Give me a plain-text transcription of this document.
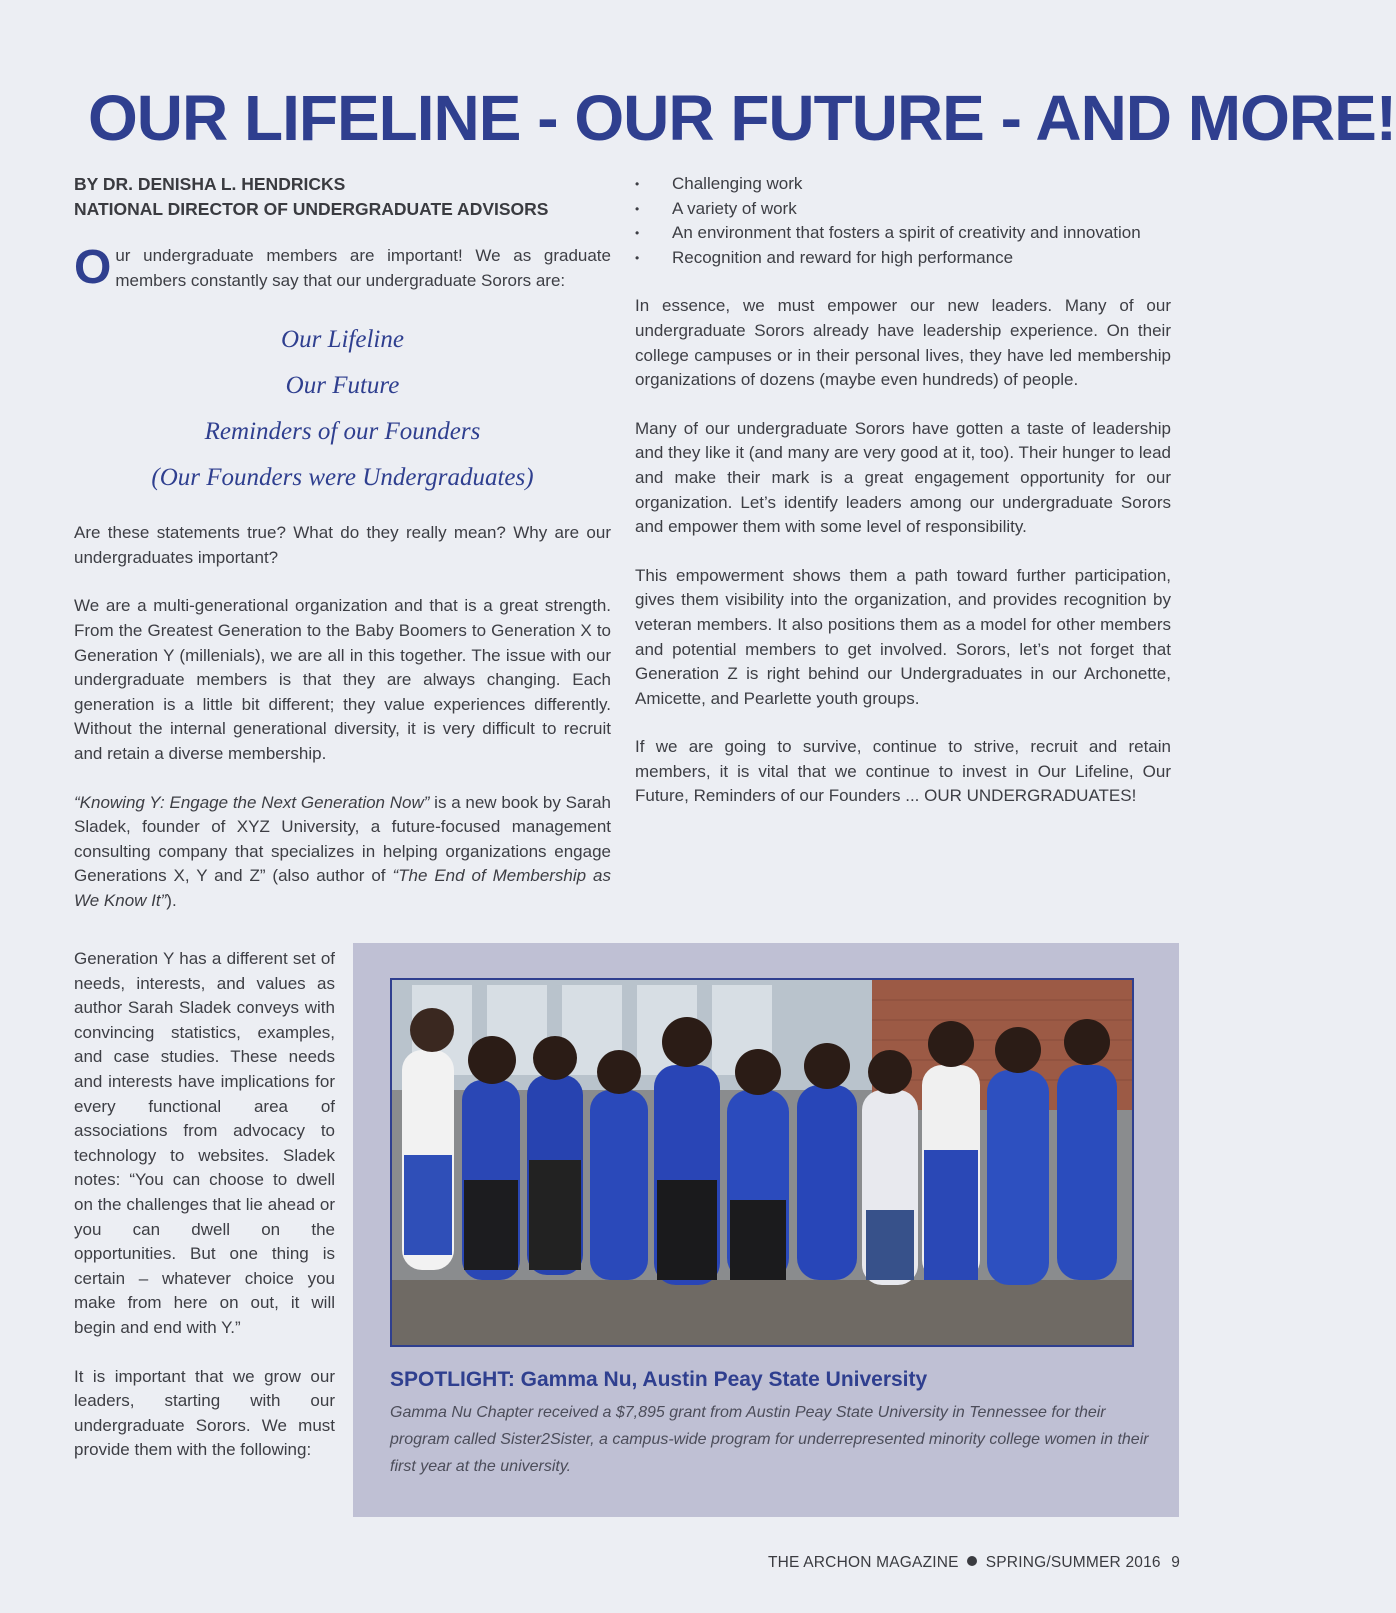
OUR LIFELINE - OUR FUTURE - AND MORE!
BY DR. DENISHA L. HENDRICKS
NATIONAL DIRECTOR OF UNDERGRADUATE ADVISORS

Our undergraduate members are important! We as graduate members constantly say that our undergraduate Sorors are:

Our Lifeline
Our Future
Reminders of our Founders
(Our Founders were Undergraduates)

Are these statements true? What do they really mean? Why are our undergraduates important?

We are a multi-generational organization and that is a great strength. From the Greatest Generation to the Baby Boomers to Generation X to Generation Y (millenials), we are all in this together. The issue with our undergraduate members is that they are always changing. Each generation is a little bit different; they value experiences differently. Without the internal generational diversity, it is very difficult to recruit and retain a diverse membership.

“Knowing Y: Engage the Next Generation Now” is a new book by Sarah Sladek, founder of XYZ University, a future-focused management consulting company that specializes in helping organizations engage Generations X, Y and Z” (also author of “The End of Membership as We Know It”).

Generation Y has a different set of needs, interests, and values as author Sarah Sladek conveys with convincing statistics, examples, and case studies. These needs and interests have implications for every functional area of associations from advocacy to technology to websites. Sladek notes: “You can choose to dwell on the challenges that lie ahead or you can dwell on the opportunities. But one thing is certain – whatever choice you make from here on out, it will begin and end with Y.”

It is important that we grow our leaders, starting with our undergraduate Sorors. We must provide them with the following:

• Challenging work
• A variety of work
• An environment that fosters a spirit of creativity and innovation
• Recognition and reward for high performance

In essence, we must empower our new leaders. Many of our undergraduate Sorors already have leadership experience. On their college campuses or in their personal lives, they have led membership organizations of dozens (maybe even hundreds) of people.

Many of our undergraduate Sorors have gotten a taste of leadership and they like it (and many are very good at it, too). Their hunger to lead and make their mark is a great engagement opportunity for our organization. Let’s identify leaders among our undergraduate Sorors and empower them with some level of responsibility.

This empowerment shows them a path toward further participation, gives them visibility into the organization, and provides recognition by veteran members. It also positions them as a model for other members and potential members to get involved. Sorors, let’s not forget that Generation Z is right behind our Undergraduates in our Archonette, Amicette, and Pearlette youth groups.

If we are going to survive, continue to strive, recruit and retain members, it is vital that we continue to invest in Our Lifeline, Our Future, Reminders of our Founders ... OUR UNDERGRADUATES!

SPOTLIGHT: Gamma Nu, Austin Peay State University
Gamma Nu Chapter received a $7,895 grant from Austin Peay State University in Tennessee for their program called Sister2Sister, a campus-wide program for underrepresented minority college women in their first year at the university.
THE ARCHON MAGAZINE SPRING/SUMMER 2016 9
